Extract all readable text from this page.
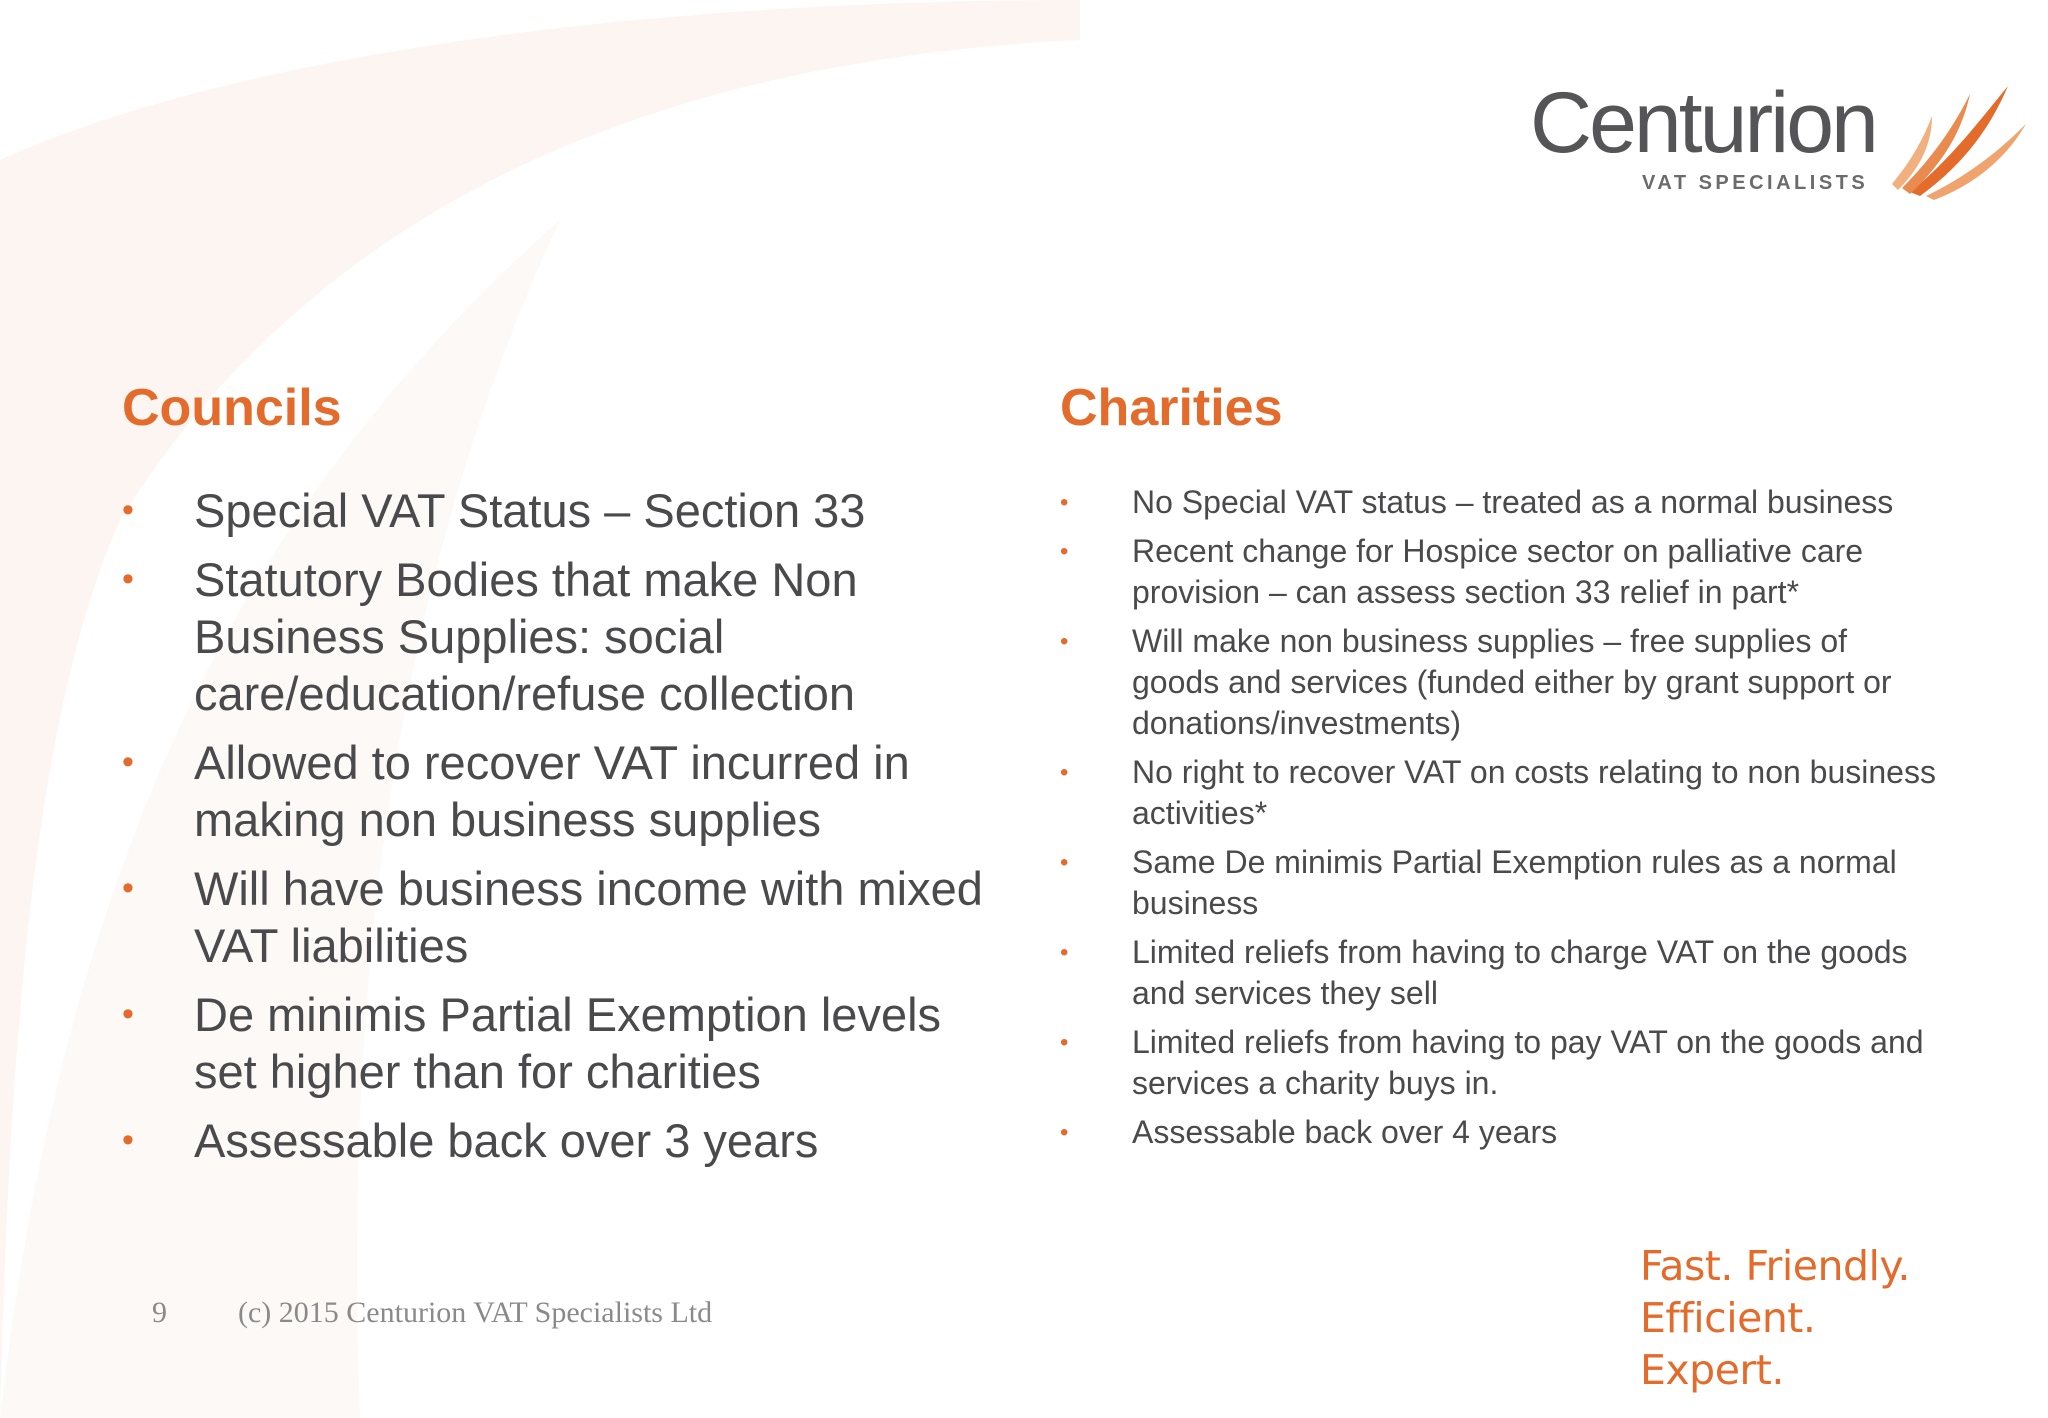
Centurion
VAT SPECIALISTS
Councils
• Special VAT Status – Section 33
• Statutory Bodies that make Non Business Supplies: social care/education/refuse collection
• Allowed to recover VAT incurred in making non business supplies
• Will have business income with mixed VAT liabilities
• De minimis Partial Exemption levels set higher than for charities
• Assessable back over 3 years
Charities
• No Special VAT status – treated as a normal business
• Recent change for Hospice sector on palliative care provision – can assess section 33 relief in part*
• Will make non business supplies – free supplies of goods and services (funded either by grant support or donations/investments)
• No right to recover VAT on costs relating to non business activities*
• Same De minimis Partial Exemption rules as a normal business
• Limited reliefs from having to charge VAT on the goods and services they sell
• Limited reliefs from having to pay VAT on the goods and services a charity buys in.
• Assessable back over 4 years
9 (c) 2015 Centurion VAT Specialists Ltd
Fast. Friendly.
Efficient. Expert.
